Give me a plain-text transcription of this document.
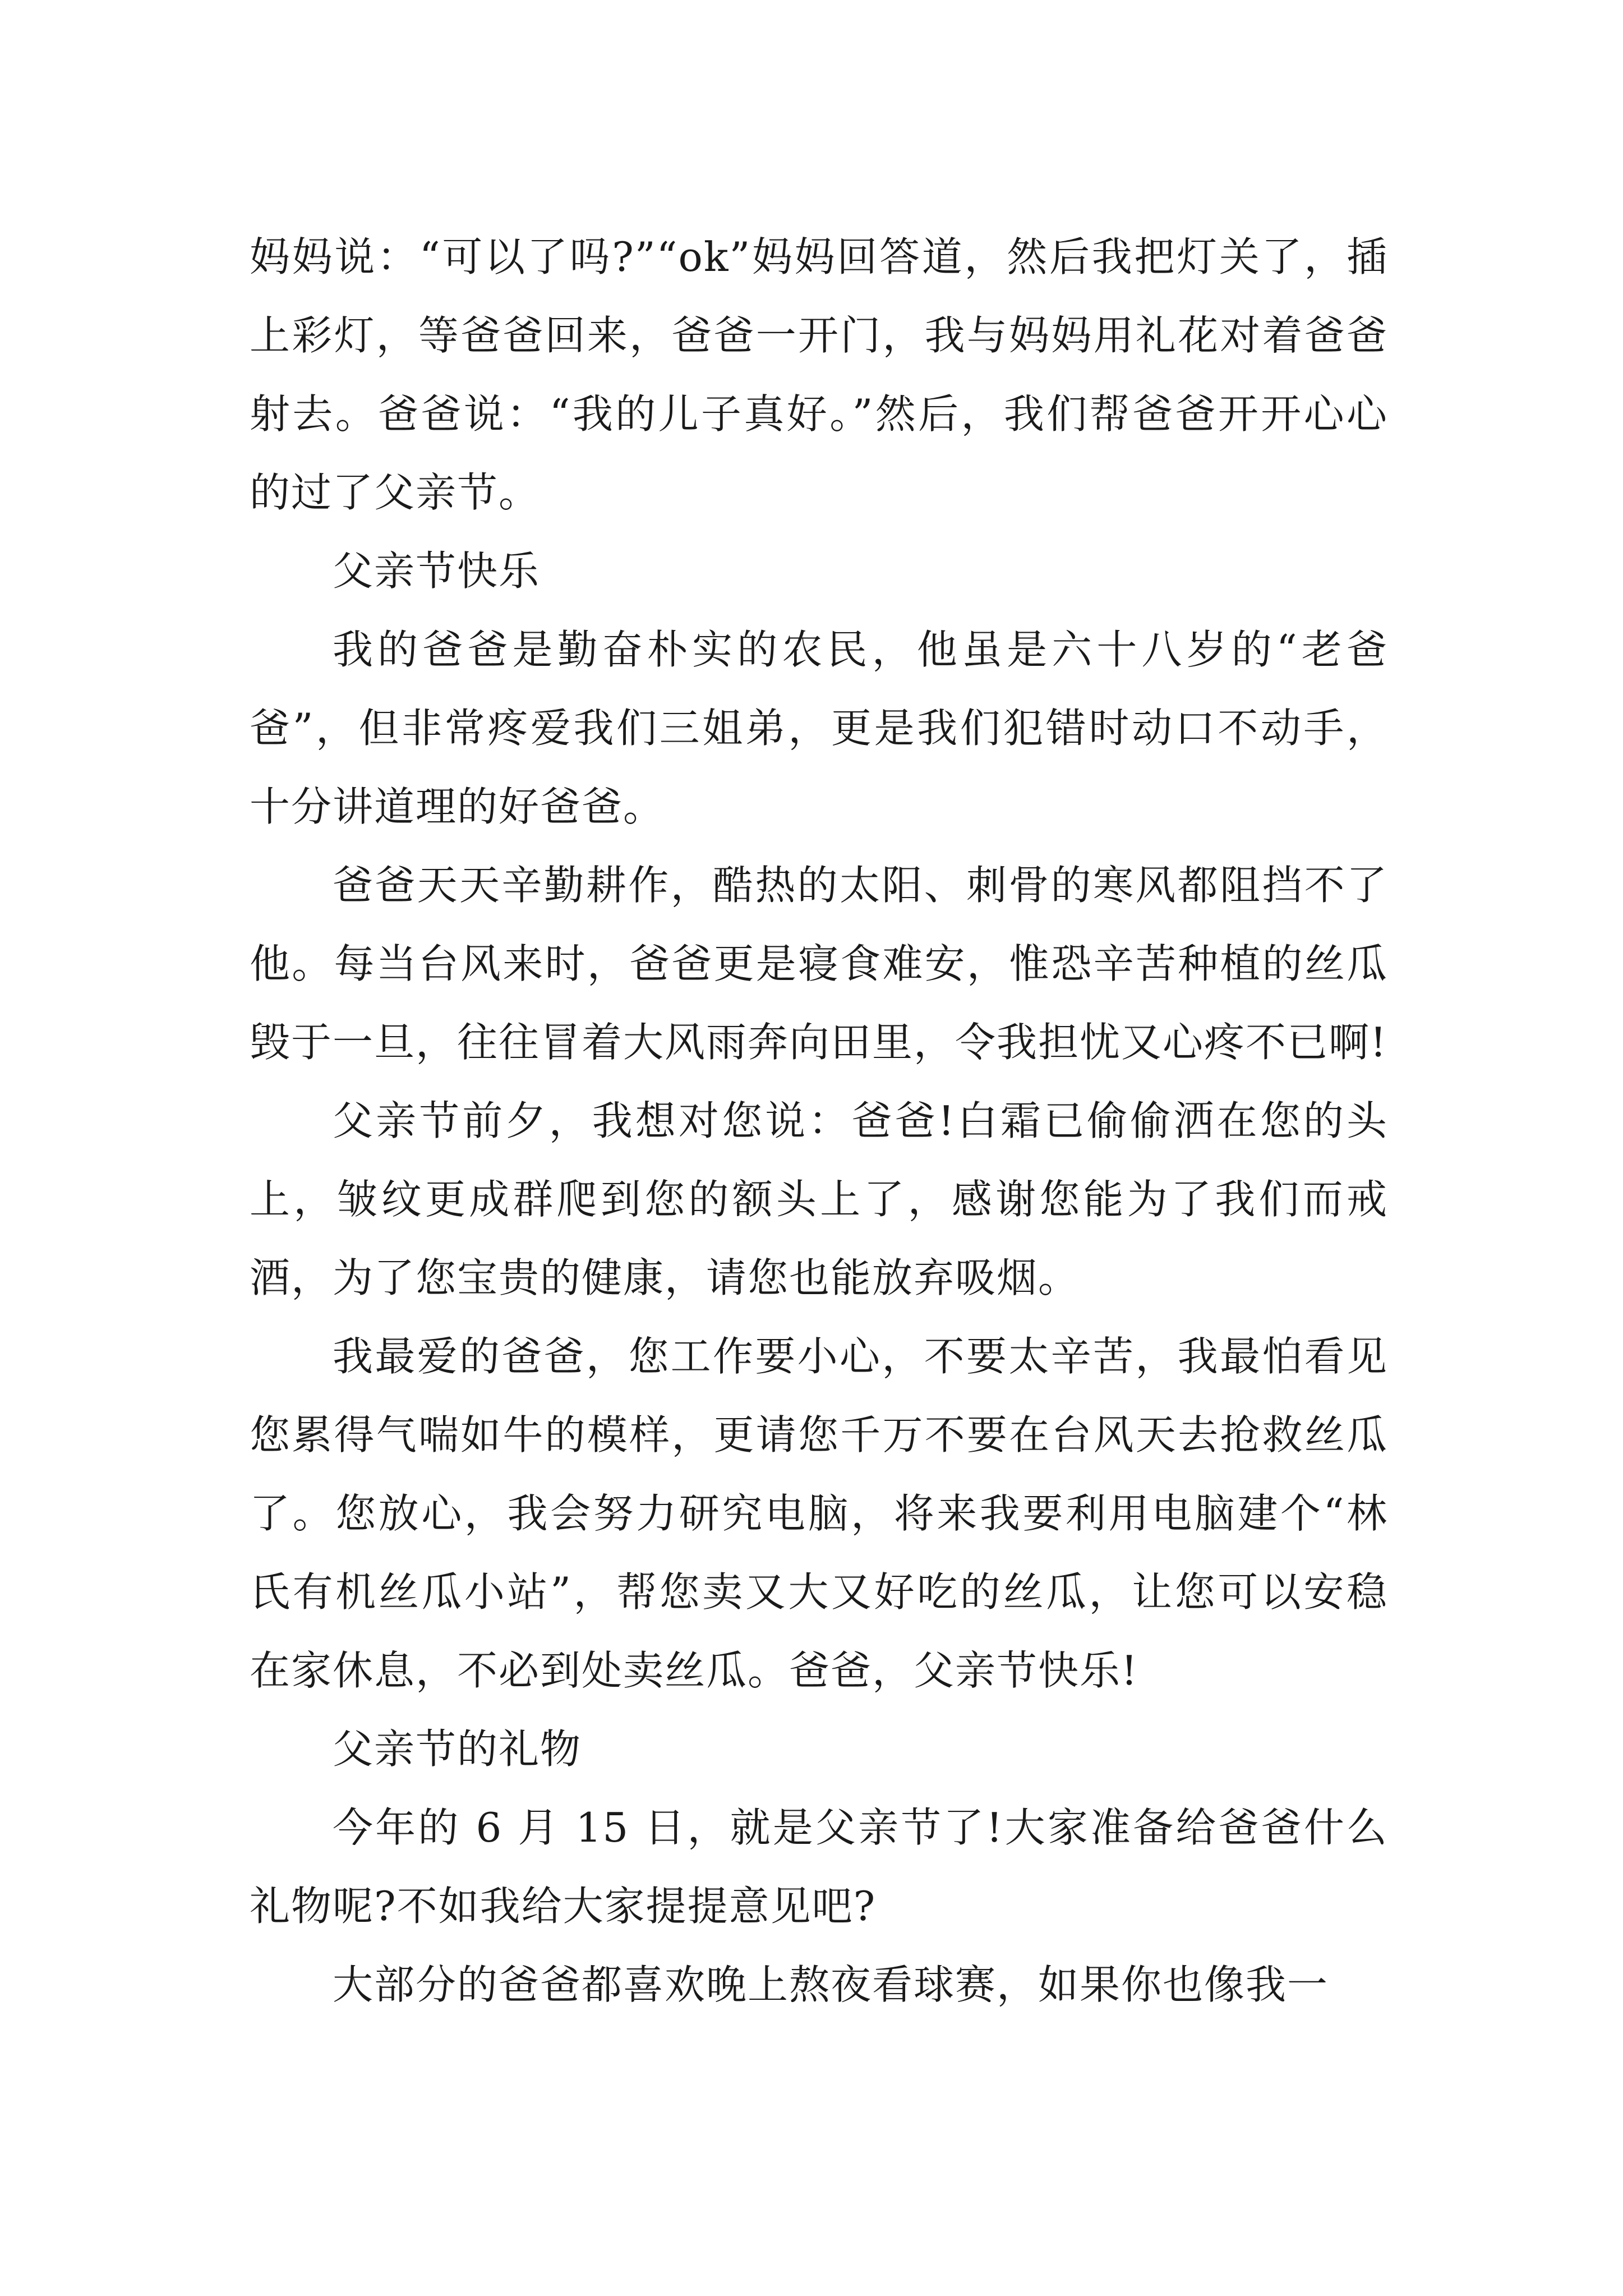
妈妈说：“可以了吗?”“ok”妈妈回答道，然后我把灯关了，插上彩灯，等爸爸回来，爸爸一开门，我与妈妈用礼花对着爸爸射去。爸爸说：“我的儿子真好。”然后，我们帮爸爸开开心心的过了父亲节。

父亲节快乐

我的爸爸是勤奋朴实的农民，他虽是六十八岁的“老爸爸”，但非常疼爱我们三姐弟，更是我们犯错时动口不动手，十分讲道理的好爸爸。

爸爸天天辛勤耕作，酷热的太阳、刺骨的寒风都阻挡不了他。每当台风来时，爸爸更是寝食难安，惟恐辛苦种植的丝瓜毁于一旦，往往冒着大风雨奔向田里，令我担忧又心疼不已啊!

父亲节前夕，我想对您说：爸爸!白霜已偷偷洒在您的头上，皱纹更成群爬到您的额头上了，感谢您能为了我们而戒酒，为了您宝贵的健康，请您也能放弃吸烟。

我最爱的爸爸，您工作要小心，不要太辛苦，我最怕看见您累得气喘如牛的模样，更请您千万不要在台风天去抢救丝瓜了。您放心，我会努力研究电脑，将来我要利用电脑建个“林氏有机丝瓜小站”，帮您卖又大又好吃的丝瓜，让您可以安稳在家休息，不必到处卖丝瓜。爸爸，父亲节快乐!

父亲节的礼物

今年的 6 月 15 日，就是父亲节了!大家准备给爸爸什么礼物呢?不如我给大家提提意见吧?

大部分的爸爸都喜欢晚上熬夜看球赛，如果你也像我一
